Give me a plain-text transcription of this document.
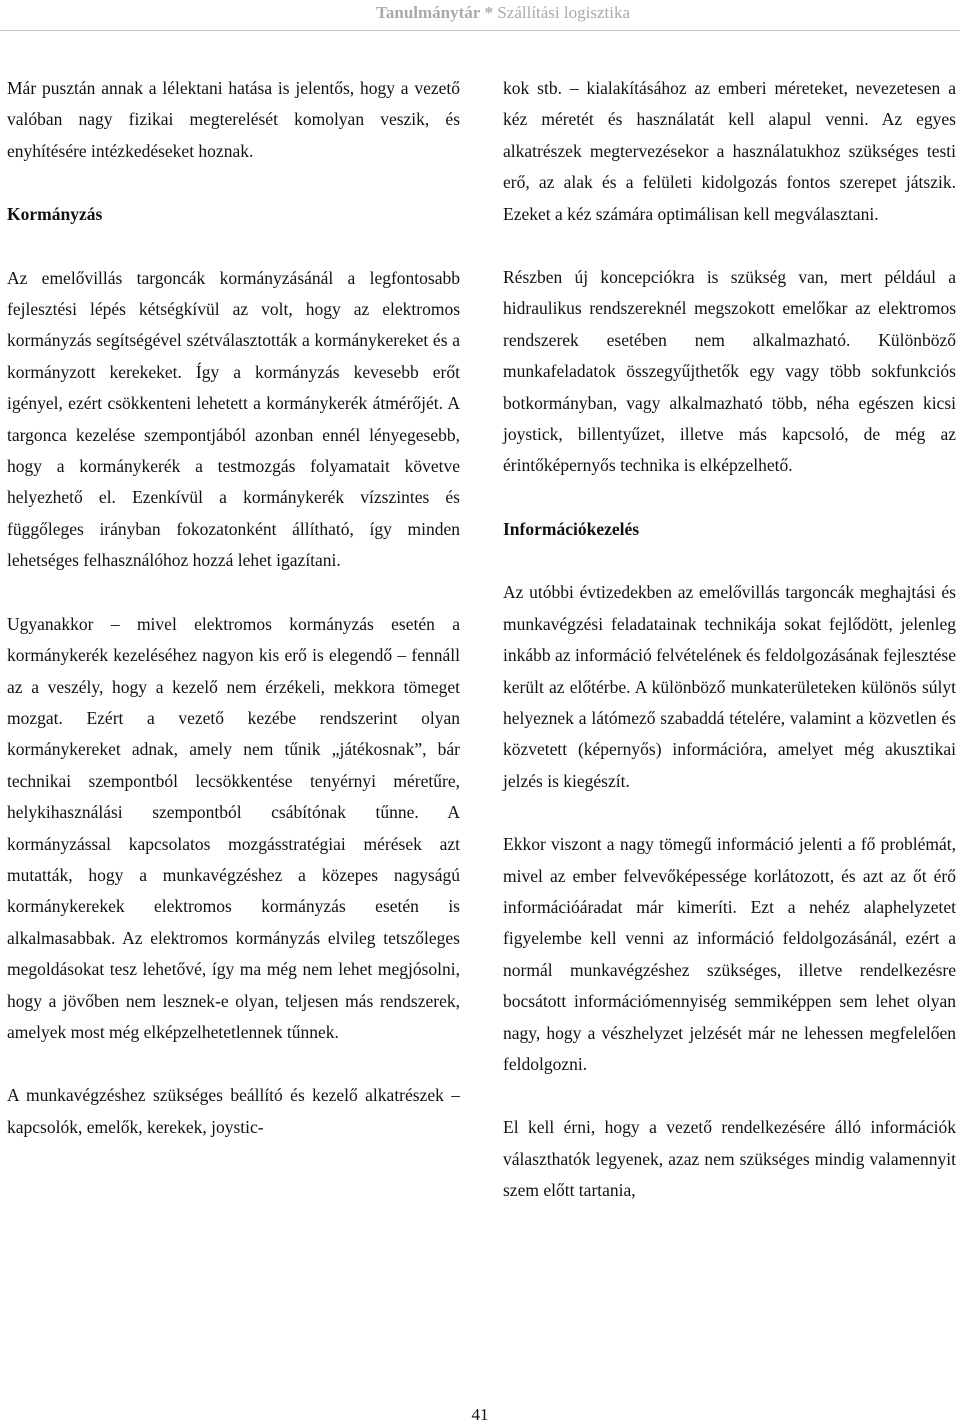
Tanulmánytár * Szállítási logisztika

Már pusztán annak a lélektani hatása is jelentős, hogy a vezető valóban nagy fizikai megterelését komolyan veszik, és enyhítésére intézkedéseket hoznak.

Kormányzás

Az emelővillás targoncák kormányzásánál a legfontosabb fejlesztési lépés kétségkívül az volt, hogy az elektromos kormányzás segítségével szétválasztották a kormánykereket és a kormányzott kerekeket. Így a kormányzás kevesebb erőt igényel, ezért csökkenteni lehetett a kormánykerék átmérőjét. A targonca kezelése szempontjából azonban ennél lényegesebb, hogy a kormánykerék a testmozgás folyamatait követve helyezhető el. Ezenkívül a kormánykerék vízszintes és függőleges irányban fokozatonként állítható, így minden lehetséges felhasználóhoz hozzá lehet igazítani.

Ugyanakkor – mivel elektromos kormányzás esetén a kormánykerék kezeléséhez nagyon kis erő is elegendő – fennáll az a veszély, hogy a kezelő nem érzékeli, mekkora tömeget mozgat. Ezért a vezető kezébe rendszerint olyan kormánykereket adnak, amely nem tűnik „játékosnak”, bár technikai szempontból lecsökkentése tenyérnyi méretűre, helykihasználási szempontból csábítónak tűnne. A kormányzással kapcsolatos mozgásstratégiai mérések azt mutatták, hogy a munkavégzéshez a közepes nagyságú kormánykerekek elektromos kormányzás esetén is alkalmasabbak. Az elektromos kormányzás elvileg tetszőleges megoldásokat tesz lehetővé, így ma még nem lehet megjósolni, hogy a jövőben nem lesznek-e olyan, teljesen más rendszerek, amelyek most még elképzelhetetlennek tűnnek.

A munkavégzéshez szükséges beállító és kezelő alkatrészek – kapcsolók, emelők, kerekek, joystic-

kok stb. – kialakításához az emberi méreteket, nevezetesen a kéz méretét és használatát kell alapul venni. Az egyes alkatrészek megtervezésekor a használatukhoz szükséges testi erő, az alak és a felületi kidolgozás fontos szerepet játszik. Ezeket a kéz számára optimálisan kell megválasztani.

Részben új koncepciókra is szükség van, mert például a hidraulikus rendszereknél megszokott emelőkar az elektromos rendszerek esetében nem alkalmazható. Különböző munkafeladatok összegyűjthetők egy vagy több sokfunkciós botkormányban, vagy alkalmazható több, néha egészen kicsi joystick, billentyűzet, illetve más kapcsoló, de még az érintőképernyős technika is elképzelhető.

Információkezelés

Az utóbbi évtizedekben az emelővillás targoncák meghajtási és munkavégzési feladatainak technikája sokat fejlődött, jelenleg inkább az információ felvételének és feldolgozásának fejlesztése került az előtérbe. A különböző munkaterületeken különös súlyt helyeznek a látómező szabaddá tételére, valamint a közvetlen és közvetett (képernyős) információra, amelyet még akusztikai jelzés is kiegészít.

Ekkor viszont a nagy tömegű információ jelenti a fő problémát, mivel az ember felvevőképessége korlátozott, és azt az őt érő információáradat már kimeríti. Ezt a nehéz alaphelyzetet figyelembe kell venni az információ feldolgozásánál, ezért a normál munkavégzéshez szükséges, illetve rendelkezésre bocsátott információmennyiség semmiképpen sem lehet olyan nagy, hogy a vészhelyzet jelzését már ne lehessen megfelelően feldolgozni.

El kell érni, hogy a vezető rendelkezésére álló információk választhatók legyenek, azaz nem szükséges mindig valamennyit szem előtt tartania,

41
